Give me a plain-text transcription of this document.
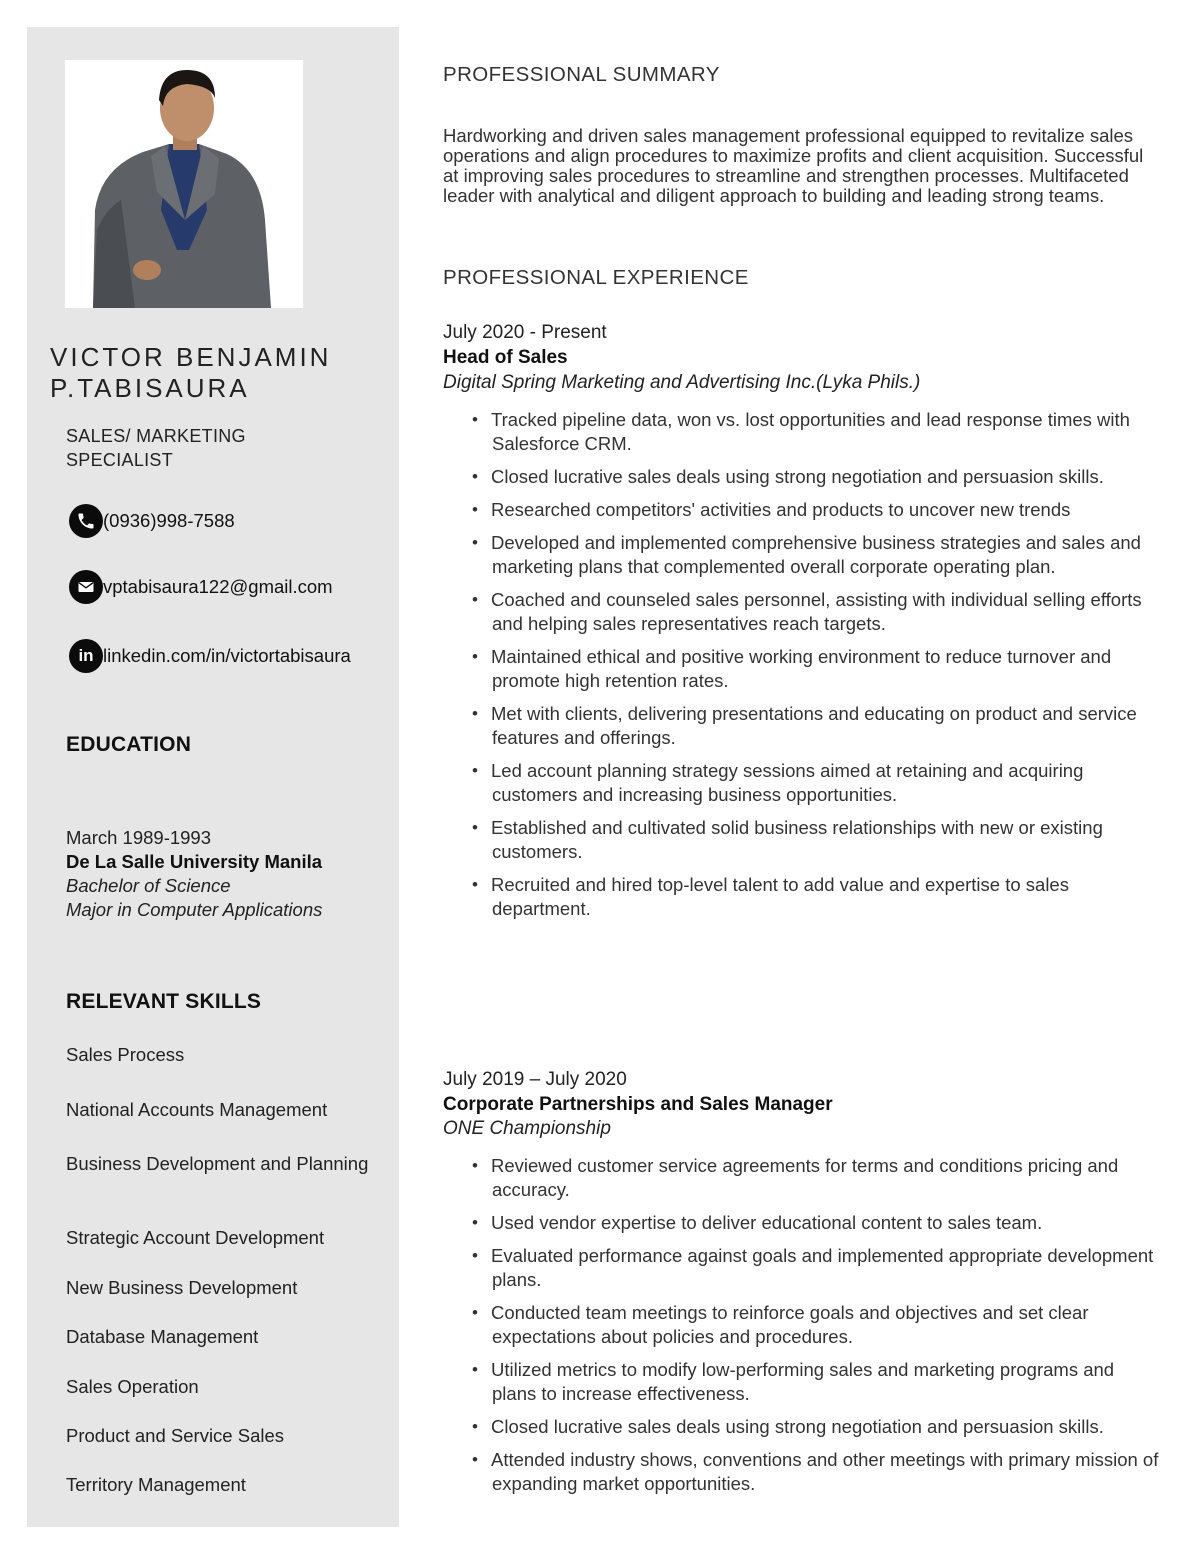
VICTOR BENJAMIN
P.TABISAURA
SALES/ MARKETING SPECIALIST
(0936)998-7588
vptabisaura122@gmail.com
in linkedin.com/in/victortabisaura
EDUCATION
March 1989-1993
De La Salle University Manila
Bachelor of Science
Major in Computer Applications
RELEVANT SKILLS
Sales Process
National Accounts Management
Business Development and Planning
Strategic Account Development
New Business Development
Database Management
Sales Operation
Product and Service Sales
Territory Management
PROFESSIONAL SUMMARY
Hardworking and driven sales management professional equipped to revitalize sales operations and align procedures to maximize profits and client acquisition. Successful at improving sales procedures to streamline and strengthen processes. Multifaceted leader with analytical and diligent approach to building and leading strong teams.
PROFESSIONAL EXPERIENCE
July 2020 - Present
Head of Sales
Digital Spring Marketing and Advertising Inc.(Lyka Phils.)
• Tracked pipeline data, won vs. lost opportunities and lead response times with Salesforce CRM.
• Closed lucrative sales deals using strong negotiation and persuasion skills.
• Researched competitors' activities and products to uncover new trends
• Developed and implemented comprehensive business strategies and sales and marketing plans that complemented overall corporate operating plan.
• Coached and counseled sales personnel, assisting with individual selling efforts and helping sales representatives reach targets.
• Maintained ethical and positive working environment to reduce turnover and promote high retention rates.
• Met with clients, delivering presentations and educating on product and service features and offerings.
• Led account planning strategy sessions aimed at retaining and acquiring customers and increasing business opportunities.
• Established and cultivated solid business relationships with new or existing customers.
• Recruited and hired top-level talent to add value and expertise to sales department.
July 2019 – July 2020
Corporate Partnerships and Sales Manager
ONE Championship
• Reviewed customer service agreements for terms and conditions pricing and accuracy.
• Used vendor expertise to deliver educational content to sales team.
• Evaluated performance against goals and implemented appropriate development plans.
• Conducted team meetings to reinforce goals and objectives and set clear expectations about policies and procedures.
• Utilized metrics to modify low-performing sales and marketing programs and plans to increase effectiveness.
• Closed lucrative sales deals using strong negotiation and persuasion skills.
• Attended industry shows, conventions and other meetings with primary mission of expanding market opportunities.
